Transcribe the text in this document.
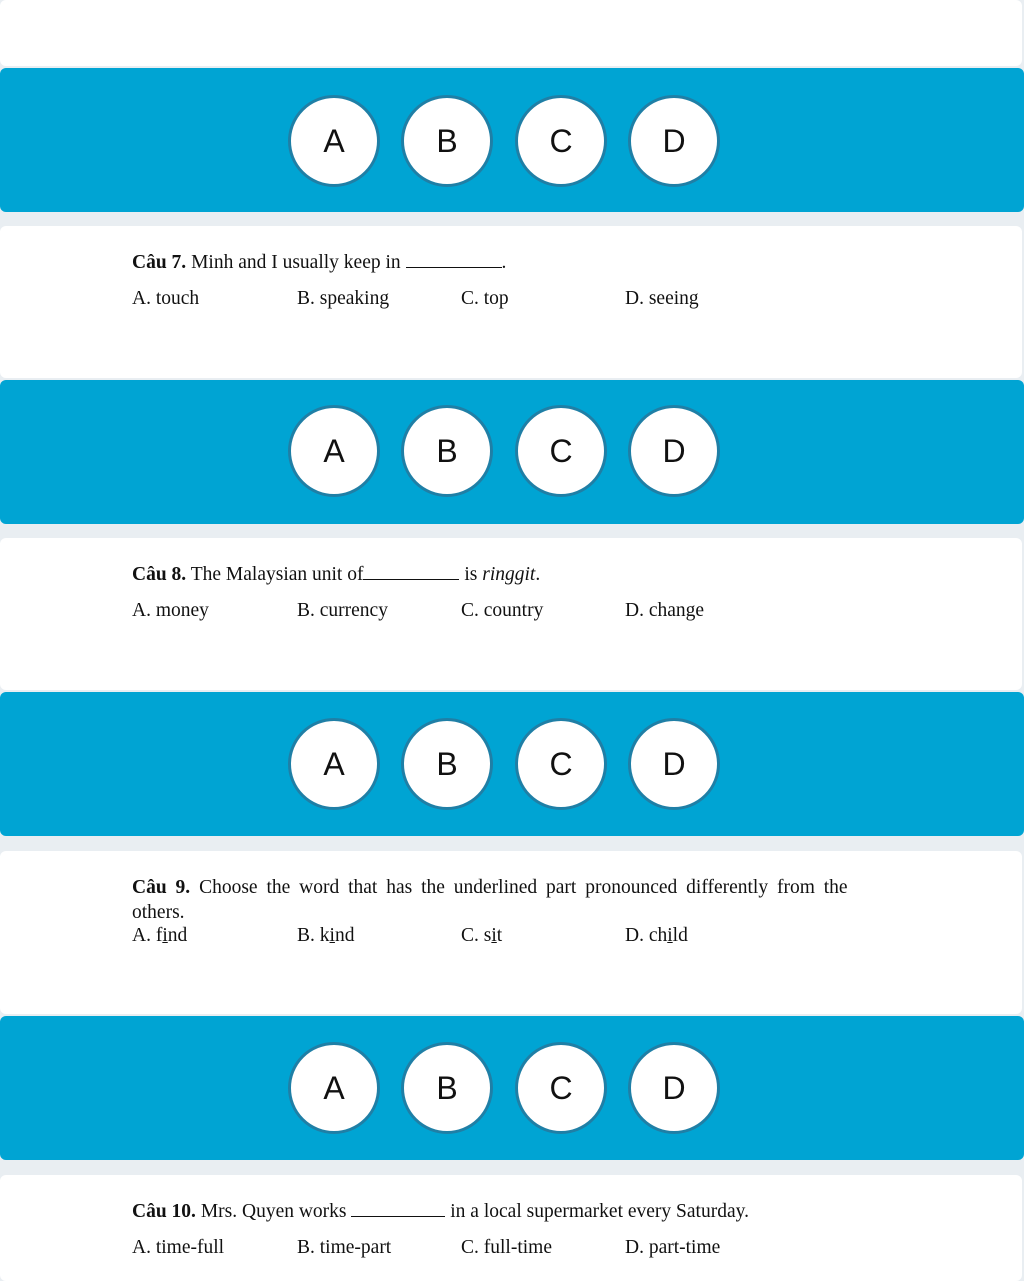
A	B	C	D
Câu 7. Minh and I usually keep in	.
A. touch	B. speaking	C. top	D. seeing
A	B	C	D
Câu 8. The Malaysian unit of	is ringgit.
A. money	B. currency	C. country	D. change
A	B	C	D
Câu 9. Choose the word that has the underlined part pronounced differently from the
others.
A. find	B. kind	C. sit	D. child
A	B	C	D
Câu 10. Mrs. Quyen works	in a local supermarket every Saturday.
A. time-full	B. time-part	C. full-time	D. part-time
